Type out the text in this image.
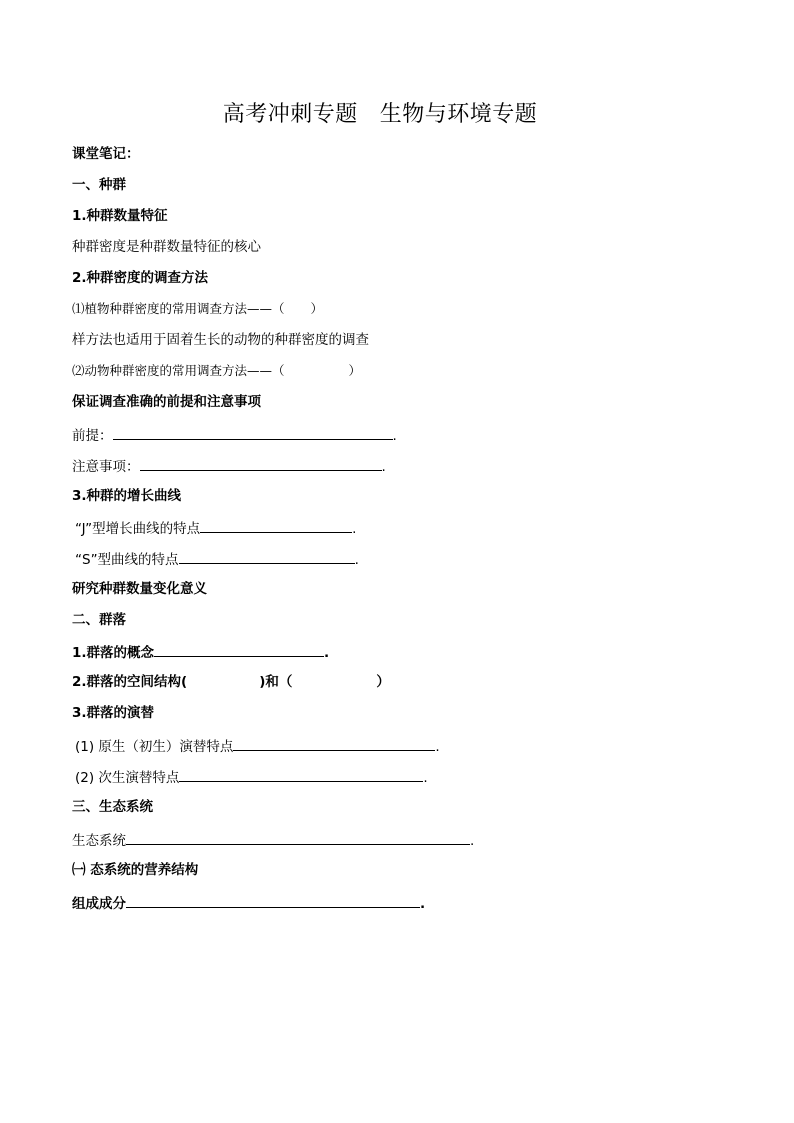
高考冲刺专题 生物与环境专题
课堂笔记：
一、种群
1.种群数量特征
种群密度是种群数量特征的核心
2.种群密度的调查方法
⑴植物种群密度的常用调查方法——（ ）
样方法也适用于固着生长的动物的种群密度的调查
⑵动物种群密度的常用调查方法——（	）
保证调查准确的前提和注意事项
前提：	.
注意事项：	.
3.种群的增长曲线
“J”型增长曲线的特点	.
“S”型曲线的特点	.
研究种群数量变化意义
二、群落
1.群落的概念	.
2.群落的空间结构(	)和（	）
3.群落的演替
(1) 原生（初生）演替特点	.
(2) 次生演替特点	.
三、生态系统
生态系统	.
㈠ 态系统的营养结构
组成成分	.
